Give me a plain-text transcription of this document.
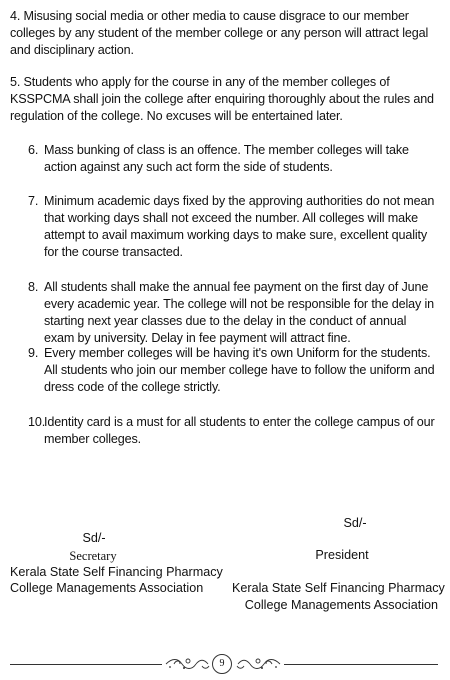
4. Misusing social media or other media to cause disgrace to our member colleges by any student of the member college or any person will attract legal and disciplinary action.

5. Students who apply for the course in any of the member colleges of KSSPCMA shall join the college after enquiring thoroughly about the rules and regulation of the college. No excuses will be entertained later.

6. Mass bunking of class is an offence. The member colleges will take action against any such act form the side of students.
7. Minimum academic days fixed by the approving authorities do not mean that working days shall not exceed the number. All colleges will make attempt to avail maximum working days to make sure, excellent quality for the course transacted.
8. All students shall make the annual fee payment on the first day of June every academic year. The college will not be responsible for the delay in starting next year classes due to the delay in the conduct of annual exam by university. Delay in fee payment will attract fine.
9. Every member colleges will be having it's own Uniform for the students. All students who join our member college have to follow the uniform and dress code of the college strictly.
10.
Identity card is a must for all students to enter the college campus of our member colleges.
Sd/-
Secretary
Kerala State Self Financing Pharmacy
College Managements Association
Sd/-
President
Kerala State Self Financing Pharmacy
College Managements Association
9
